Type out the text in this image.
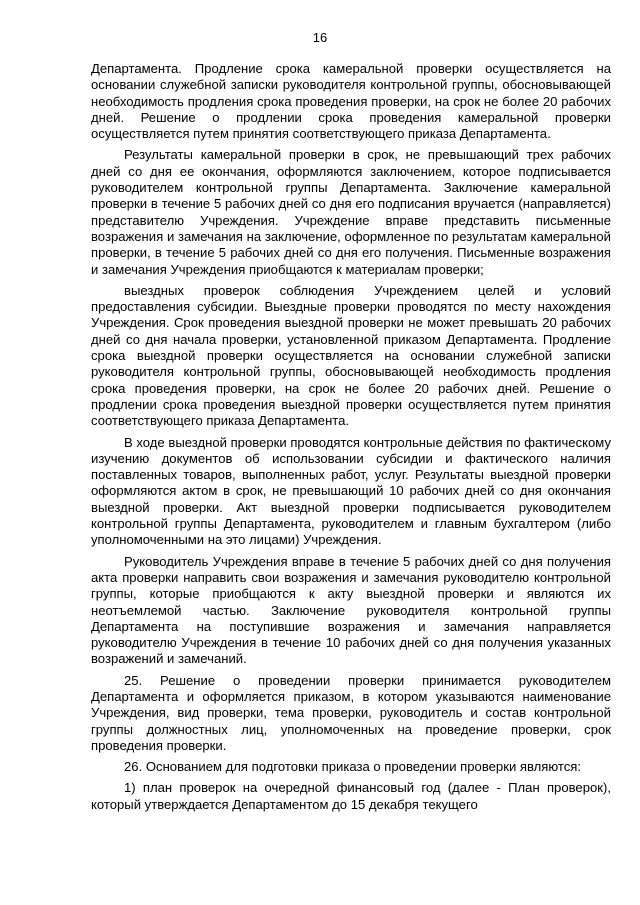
16

Департамента. Продление срока камеральной проверки осуществляется на основании служебной записки руководителя контрольной группы, обосновывающей необходимость продления срока проведения проверки, на срок не более 20 рабочих дней. Решение о продлении срока проведения камеральной проверки осуществляется путем принятия соответствующего приказа Департамента.

Результаты камеральной проверки в срок, не превышающий трех рабочих дней со дня ее окончания, оформляются заключением, которое подписывается руководителем контрольной группы Департамента. Заключение камеральной проверки в течение 5 рабочих дней со дня его подписания вручается (направляется) представителю Учреждения. Учреждение вправе представить письменные возражения и замечания на заключение, оформленное по результатам камеральной проверки, в течение 5 рабочих дней со дня его получения. Письменные возражения и замечания Учреждения приобщаются к материалам проверки;

выездных проверок соблюдения Учреждением целей и условий предоставления субсидии. Выездные проверки проводятся по месту нахождения Учреждения. Срок проведения выездной проверки не может превышать 20 рабочих дней со дня начала проверки, установленной приказом Департамента. Продление срока выездной проверки осуществляется на основании служебной записки руководителя контрольной группы, обосновывающей необходимость продления срока проведения проверки, на срок не более 20 рабочих дней. Решение о продлении срока проведения выездной проверки осуществляется путем принятия соответствующего приказа Департамента.

В ходе выездной проверки проводятся контрольные действия по фактическому изучению документов об использовании субсидии и фактического наличия поставленных товаров, выполненных работ, услуг. Результаты выездной проверки оформляются актом в срок, не превышающий 10 рабочих дней со дня окончания выездной проверки. Акт выездной проверки подписывается руководителем контрольной группы Департамента, руководителем и главным бухгалтером (либо уполномоченными на это лицами) Учреждения.

Руководитель Учреждения вправе в течение 5 рабочих дней со дня получения акта проверки направить свои возражения и замечания руководителю контрольной группы, которые приобщаются к акту выездной проверки и являются их неотъемлемой частью. Заключение руководителя контрольной группы Департамента на поступившие возражения и замечания направляется руководителю Учреждения в течение 10 рабочих дней со дня получения указанных возражений и замечаний.

25. Решение о проведении проверки принимается руководителем Департамента и оформляется приказом, в котором указываются наименование Учреждения, вид проверки, тема проверки, руководитель и состав контрольной группы должностных лиц, уполномоченных на проведение проверки, срок проведения проверки.

26. Основанием для подготовки приказа о проведении проверки являются:

1) план проверок на очередной финансовый год (далее - План проверок), который утверждается Департаментом до 15 декабря текущего
